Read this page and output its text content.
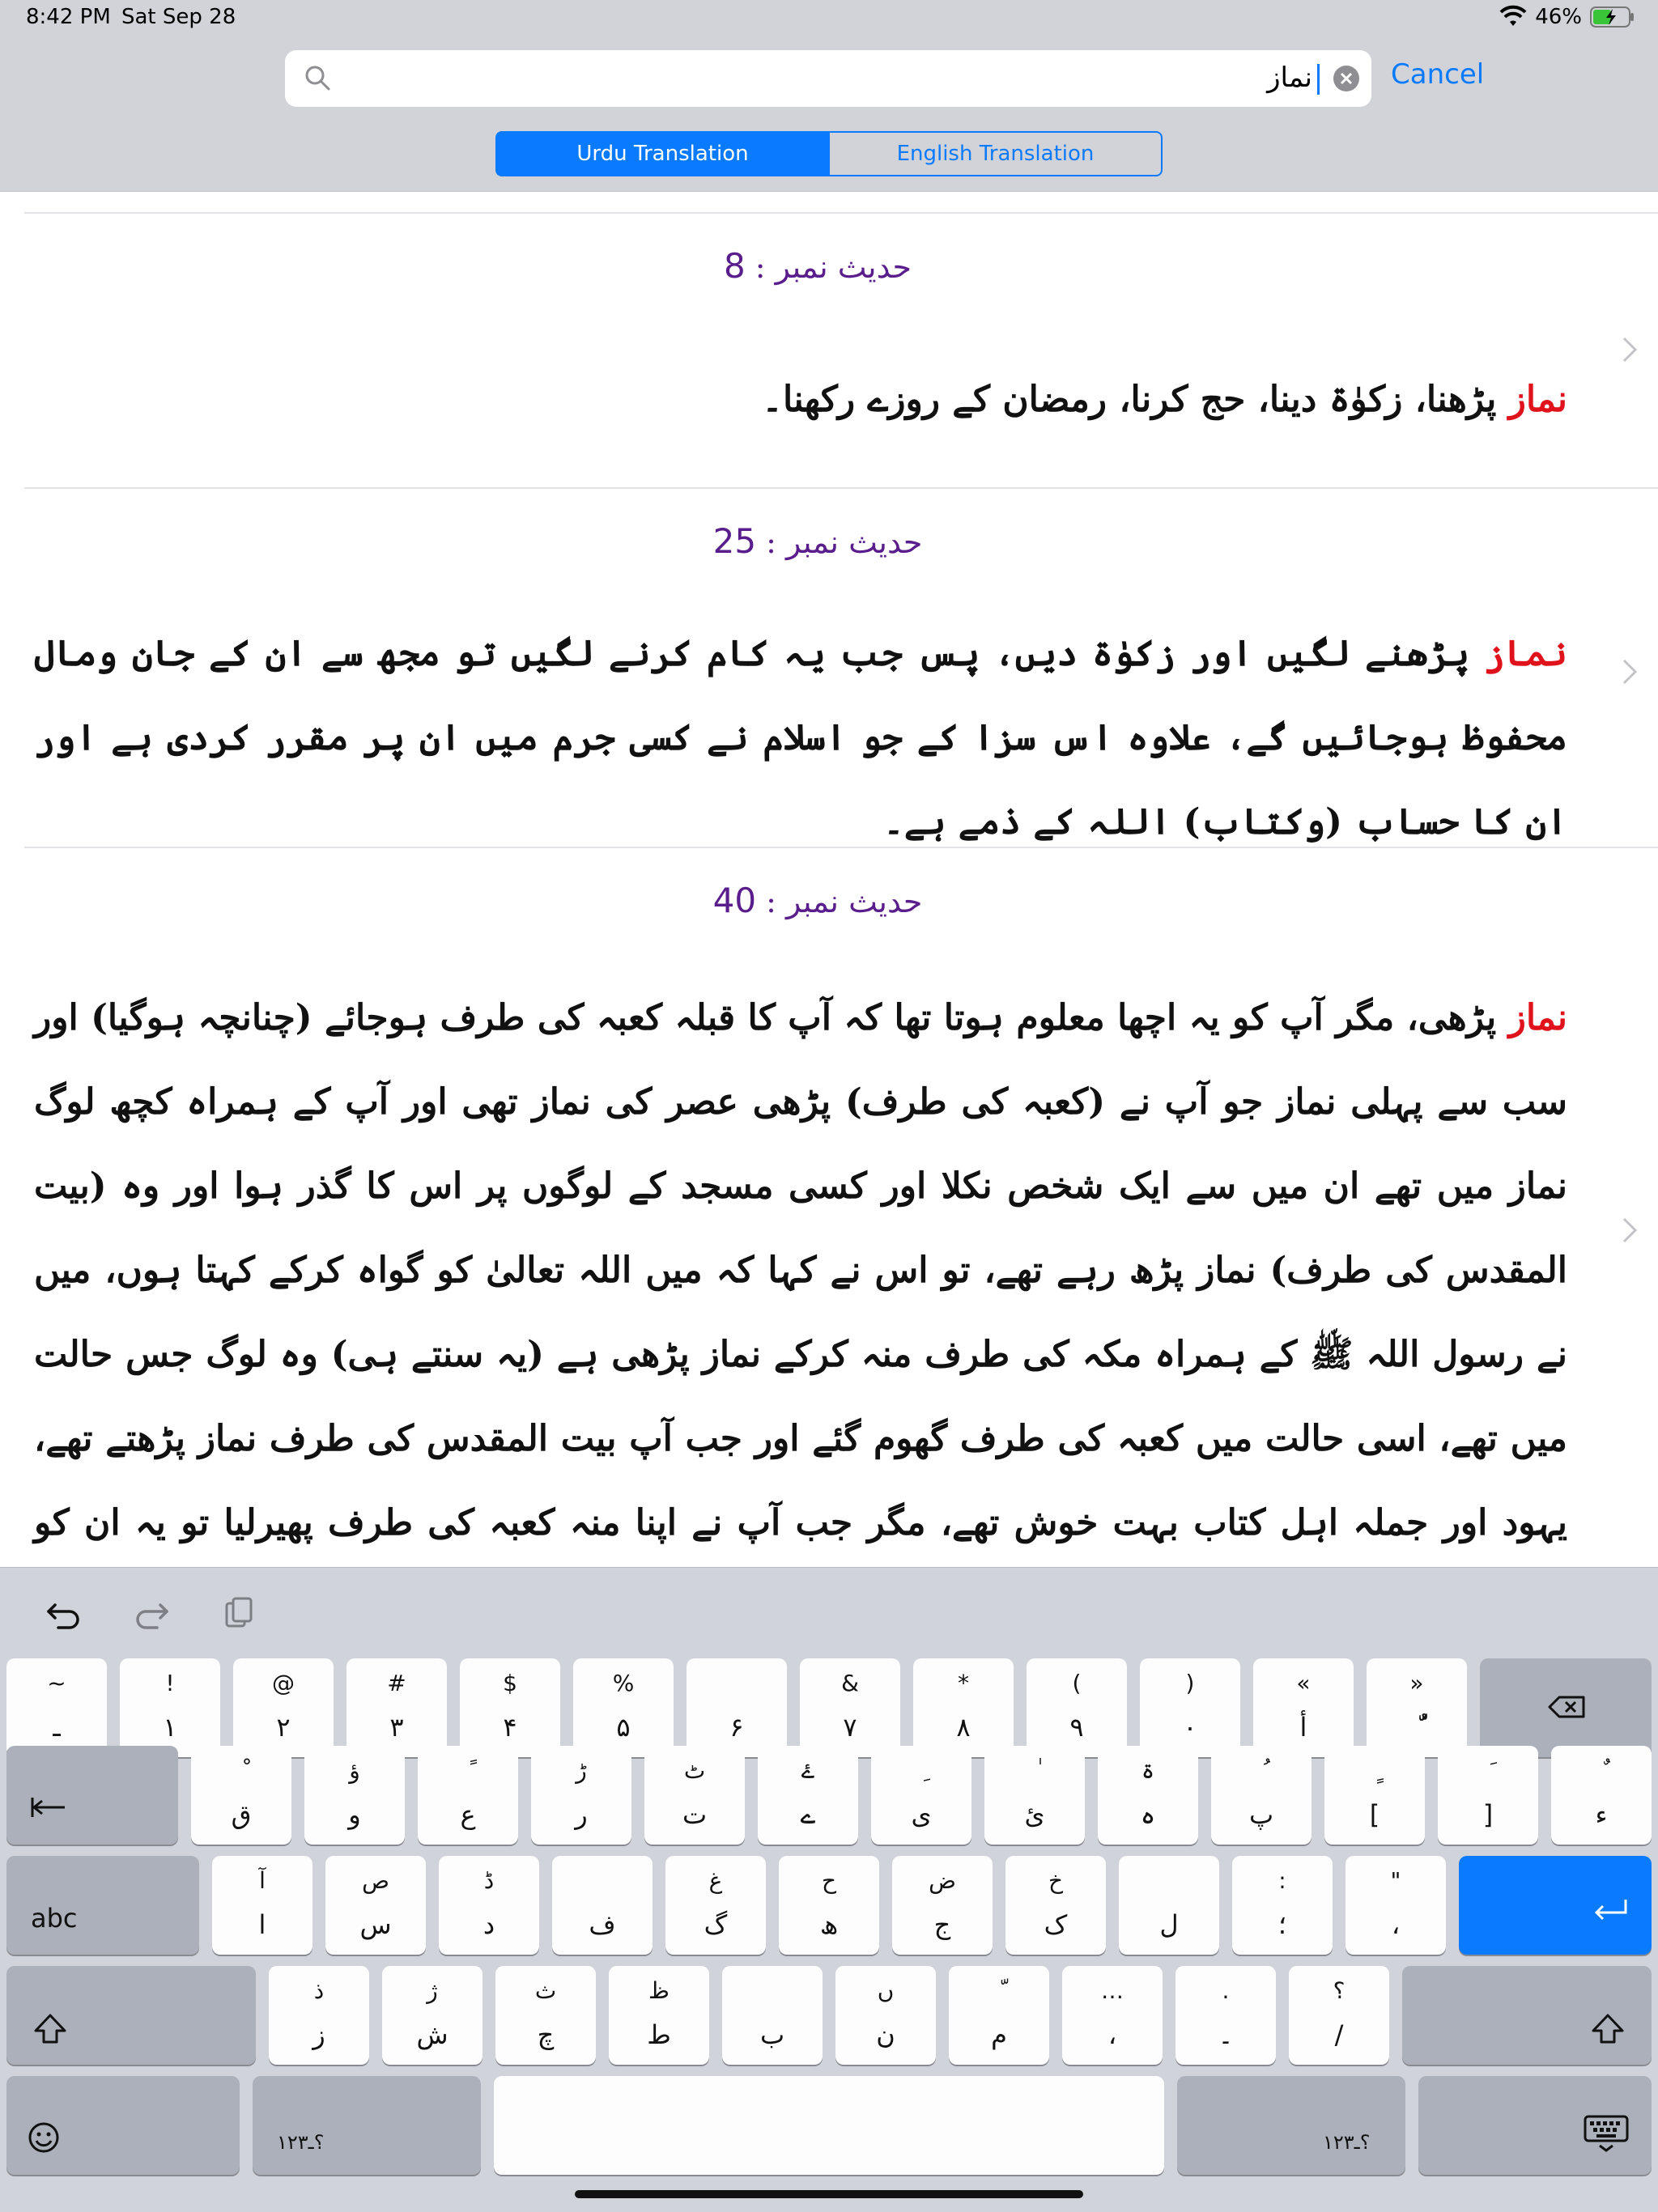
8:42 PM Sat Sep 28	46%
نماز	Cancel
Urdu Translation	English Translation
حدیث نمبر : 8
نماز پڑھنا، زکوٰۃ دینا، حج کرنا، رمضان کے روزے رکھنا۔
حدیث نمبر : 25
نماز پڑھنے لگیں اور زکوٰۃ دیں، پس جب یہ کام کرنے لگیں تو مجھ سے ان کے جان ومال محفوظ ہوجائیں گے، علاوہ اس سزا کے جو اسلام نے کسی جرم میں ان پر مقرر کردی ہے اور ان کا حساب (وکتاب) اللہ کے ذمے ہے۔
حدیث نمبر : 40
نماز پڑھی، مگر آپ کو یہ اچھا معلوم ہوتا تھا کہ آپ کا قبلہ کعبہ کی طرف ہوجائے (چنانچہ ہوگیا) اور سب سے پہلی نماز جو آپ نے (کعبہ کی طرف) پڑھی عصر کی نماز تھی اور آپ کے ہمراہ کچھ لوگ نماز میں تھے ان میں سے ایک شخص نکلا اور کسی مسجد کے لوگوں پر اس کا گذر ہوا اور وہ (بیت المقدس کی طرف) نماز پڑھ رہے تھے، تو اس نے کہا کہ میں اللہ تعالیٰ کو گواہ کرکے کہتا ہوں، میں نے رسول اللہ ﷺ کے ہمراہ مکہ کی طرف منہ کرکے نماز پڑھی ہے (یہ سنتے ہی) وہ لوگ جس حالت میں تھے، اسی حالت میں کعبہ کی طرف گھوم گئے اور جب آپ بیت المقدس کی طرف نماز پڑھتے تھے، یہود اور جملہ اہل کتاب بہت خوش تھے، مگر جب آپ نے اپنا منہ کعبہ کی طرف پھیرلیا تو یہ ان کو
~
ـ
!
۱
@
۲
#
۳
$
۴
%
۵	۶
&
۷
*
۸
(
۹
)
۰
«
أ
»
ق
ؤ
و	ع
ڑ
ر
ٹ
ت
ۓ
ے	ی	ئ
ۃ
ہ	پ	[	]	ء
abc
آ
ا
ص
س
ڈ
د	ف
غ
گ
ح
ھ
ض
ج
خ
ک	ل
:
؛
"
،
ذ
ز
ژ
ش
ث
چ
ظ
ط	ب
ں
ن	م
…
،
.
۔
؟
/
۱۲۳؟ـ	۱۲۳؟ـ
